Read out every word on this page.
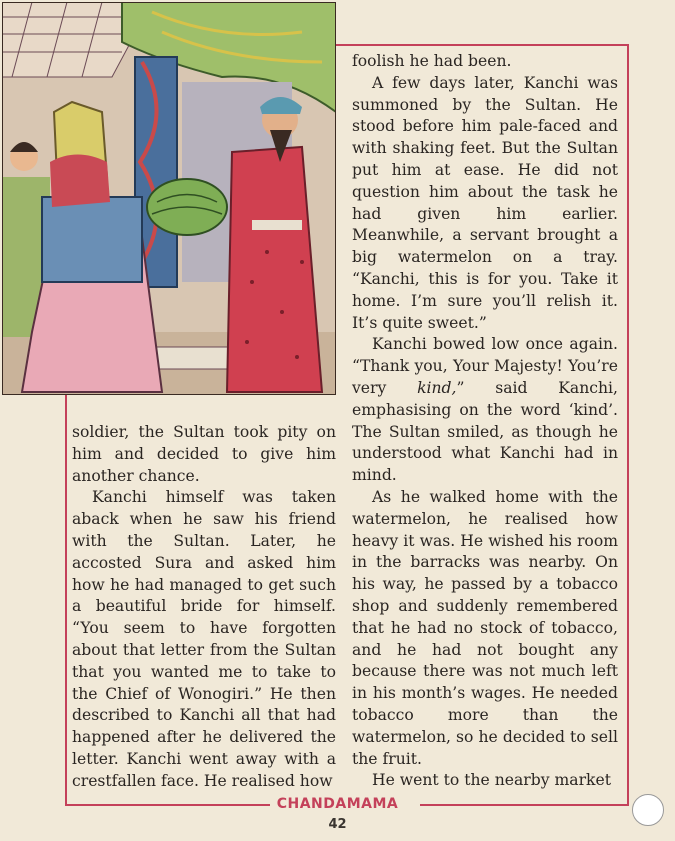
soldier, the Sultan took pity on him and decided to give him another chance.

Kanchi himself was taken aback when he saw his friend with the Sultan. Later, he accosted Sura and asked him how he had managed to get such a beautiful bride for himself. “You seem to have forgotten about that letter from the Sultan that you wanted me to take to the Chief of Wonogiri.” He then described to Kanchi all that had happened after he delivered the letter. Kanchi went away with a crestfallen face. He realised how

foolish he had been.

A few days later, Kanchi was summoned by the Sultan. He stood before him pale-faced and with shaking feet. But the Sultan put him at ease. He did not question him about the task he had given him earlier. Meanwhile, a servant brought a big watermelon on a tray. “Kanchi, this is for you. Take it home. I’m sure you’ll relish it. It’s quite sweet.”

Kanchi bowed low once again. “Thank you, Your Majesty! You’re very kind,” said Kanchi, emphasising on the word ‘kind’. The Sultan smiled, as though he understood what Kanchi had in mind.

As he walked home with the watermelon, he realised how heavy it was. He wished his room in the barracks was nearby. On his way, he passed by a tobacco shop and suddenly remembered that he had no stock of tobacco, and he had not bought any because there was not much left in his month’s wages. He needed tobacco more than the watermelon, so he decided to sell the fruit.

He went to the nearby market

CHANDAMAMA
42
